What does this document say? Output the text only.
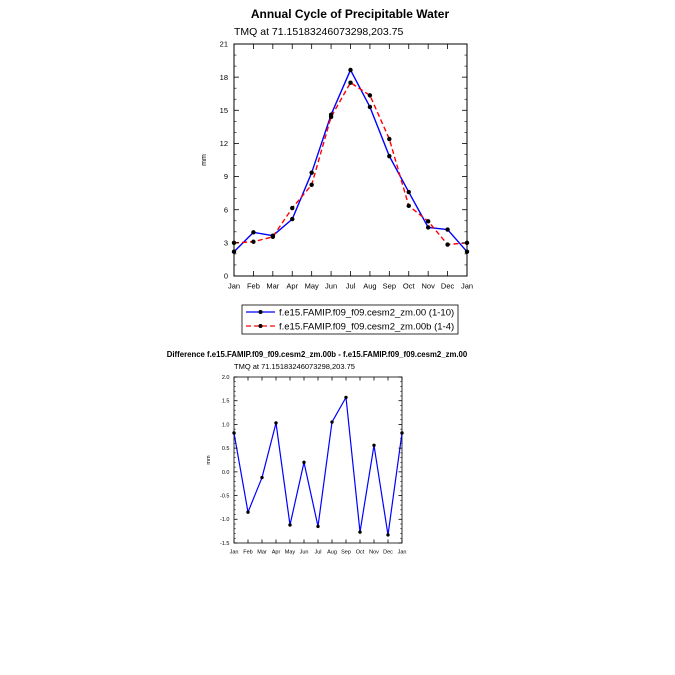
Annual Cycle of Precipitable Water
TMQ at 71.15183246073298,203.75
mm
0
3
6
9
12
15
18
21
Jan Feb Mar Apr May Jun Jul Aug Sep Oct Nov Dec Jan
f.e15.FAMIP.f09_f09.cesm2_zm.00 (1-10)
f.e15.FAMIP.f09_f09.cesm2_zm.00b (1-4)
Difference f.e15.FAMIP.f09_f09.cesm2_zm.00b - f.e15.FAMIP.f09_f09.cesm2_zm.00
TMQ at 71.15183246073298,203.75
mm
-1.5
-1.0
-0.5
0.0
0.5
1.0
1.5
2.0
Jan Feb Mar Apr May Jun Jul Aug Sep Oct Nov Dec Jan
